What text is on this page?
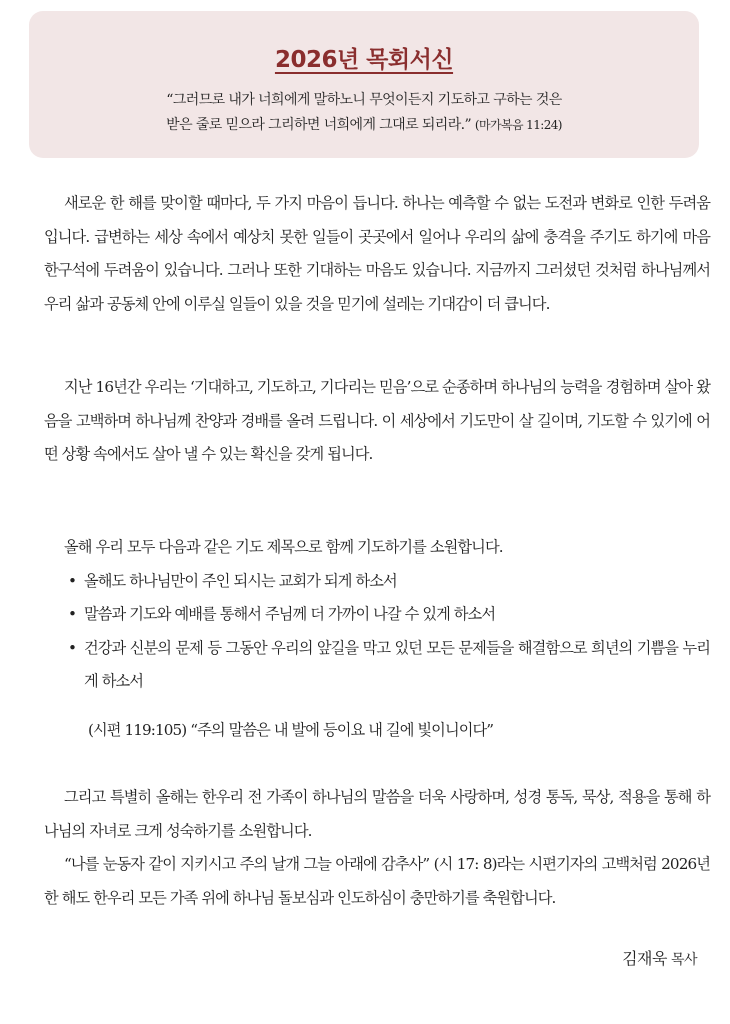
2026년 목회서신
“그러므로 내가 너희에게 말하노니 무엇이든지 기도하고 구하는 것은
받은 줄로 믿으라 그리하면 너희에게 그대로 되리라.” (마가복음 11:24)

새로운 한 해를 맞이할 때마다, 두 가지 마음이 듭니다. 하나는 예측할 수 없는 도전과 변화로 인한 두려움입니다. 급변하는 세상 속에서 예상치 못한 일들이 곳곳에서 일어나 우리의 삶에 충격을 주기도 하기에 마음 한구석에 두려움이 있습니다. 그러나 또한 기대하는 마음도 있습니다. 지금까지 그러셨던 것처럼 하나님께서 우리 삶과 공동체 안에 이루실 일들이 있을 것을 믿기에 설레는 기대감이 더 큽니다.

지난 16년간 우리는 ‘기대하고, 기도하고, 기다리는 믿음’으로 순종하며 하나님의 능력을 경험하며 살아 왔음을 고백하며 하나님께 찬양과 경배를 올려 드립니다. 이 세상에서 기도만이 살 길이며, 기도할 수 있기에 어떤 상황 속에서도 살아 낼 수 있는 확신을 갖게 됩니다.

올해 우리 모두 다음과 같은 기도 제목으로 함께 기도하기를 소원합니다.

• 올해도 하나님만이 주인 되시는 교회가 되게 하소서
• 말씀과 기도와 예배를 통해서 주님께 더 가까이 나갈 수 있게 하소서
• 건강과 신분의 문제 등 그동안 우리의 앞길을 막고 있던 모든 문제들을 해결함으로 희년의 기쁨을 누리게 하소서
(시편 119:105) “주의 말씀은 내 발에 등이요 내 길에 빛이니이다”

그리고 특별히 올해는 한우리 전 가족이 하나님의 말씀을 더욱 사랑하며, 성경 통독, 묵상, 적용을 통해 하나님의 자녀로 크게 성숙하기를 소원합니다.

“나를 눈동자 같이 지키시고 주의 날개 그늘 아래에 감추사” (시 17: 8)라는 시편기자의 고백처럼 2026년 한 해도 한우리 모든 가족 위에 하나님 돌보심과 인도하심이 충만하기를 축원합니다.

김재욱 목사
